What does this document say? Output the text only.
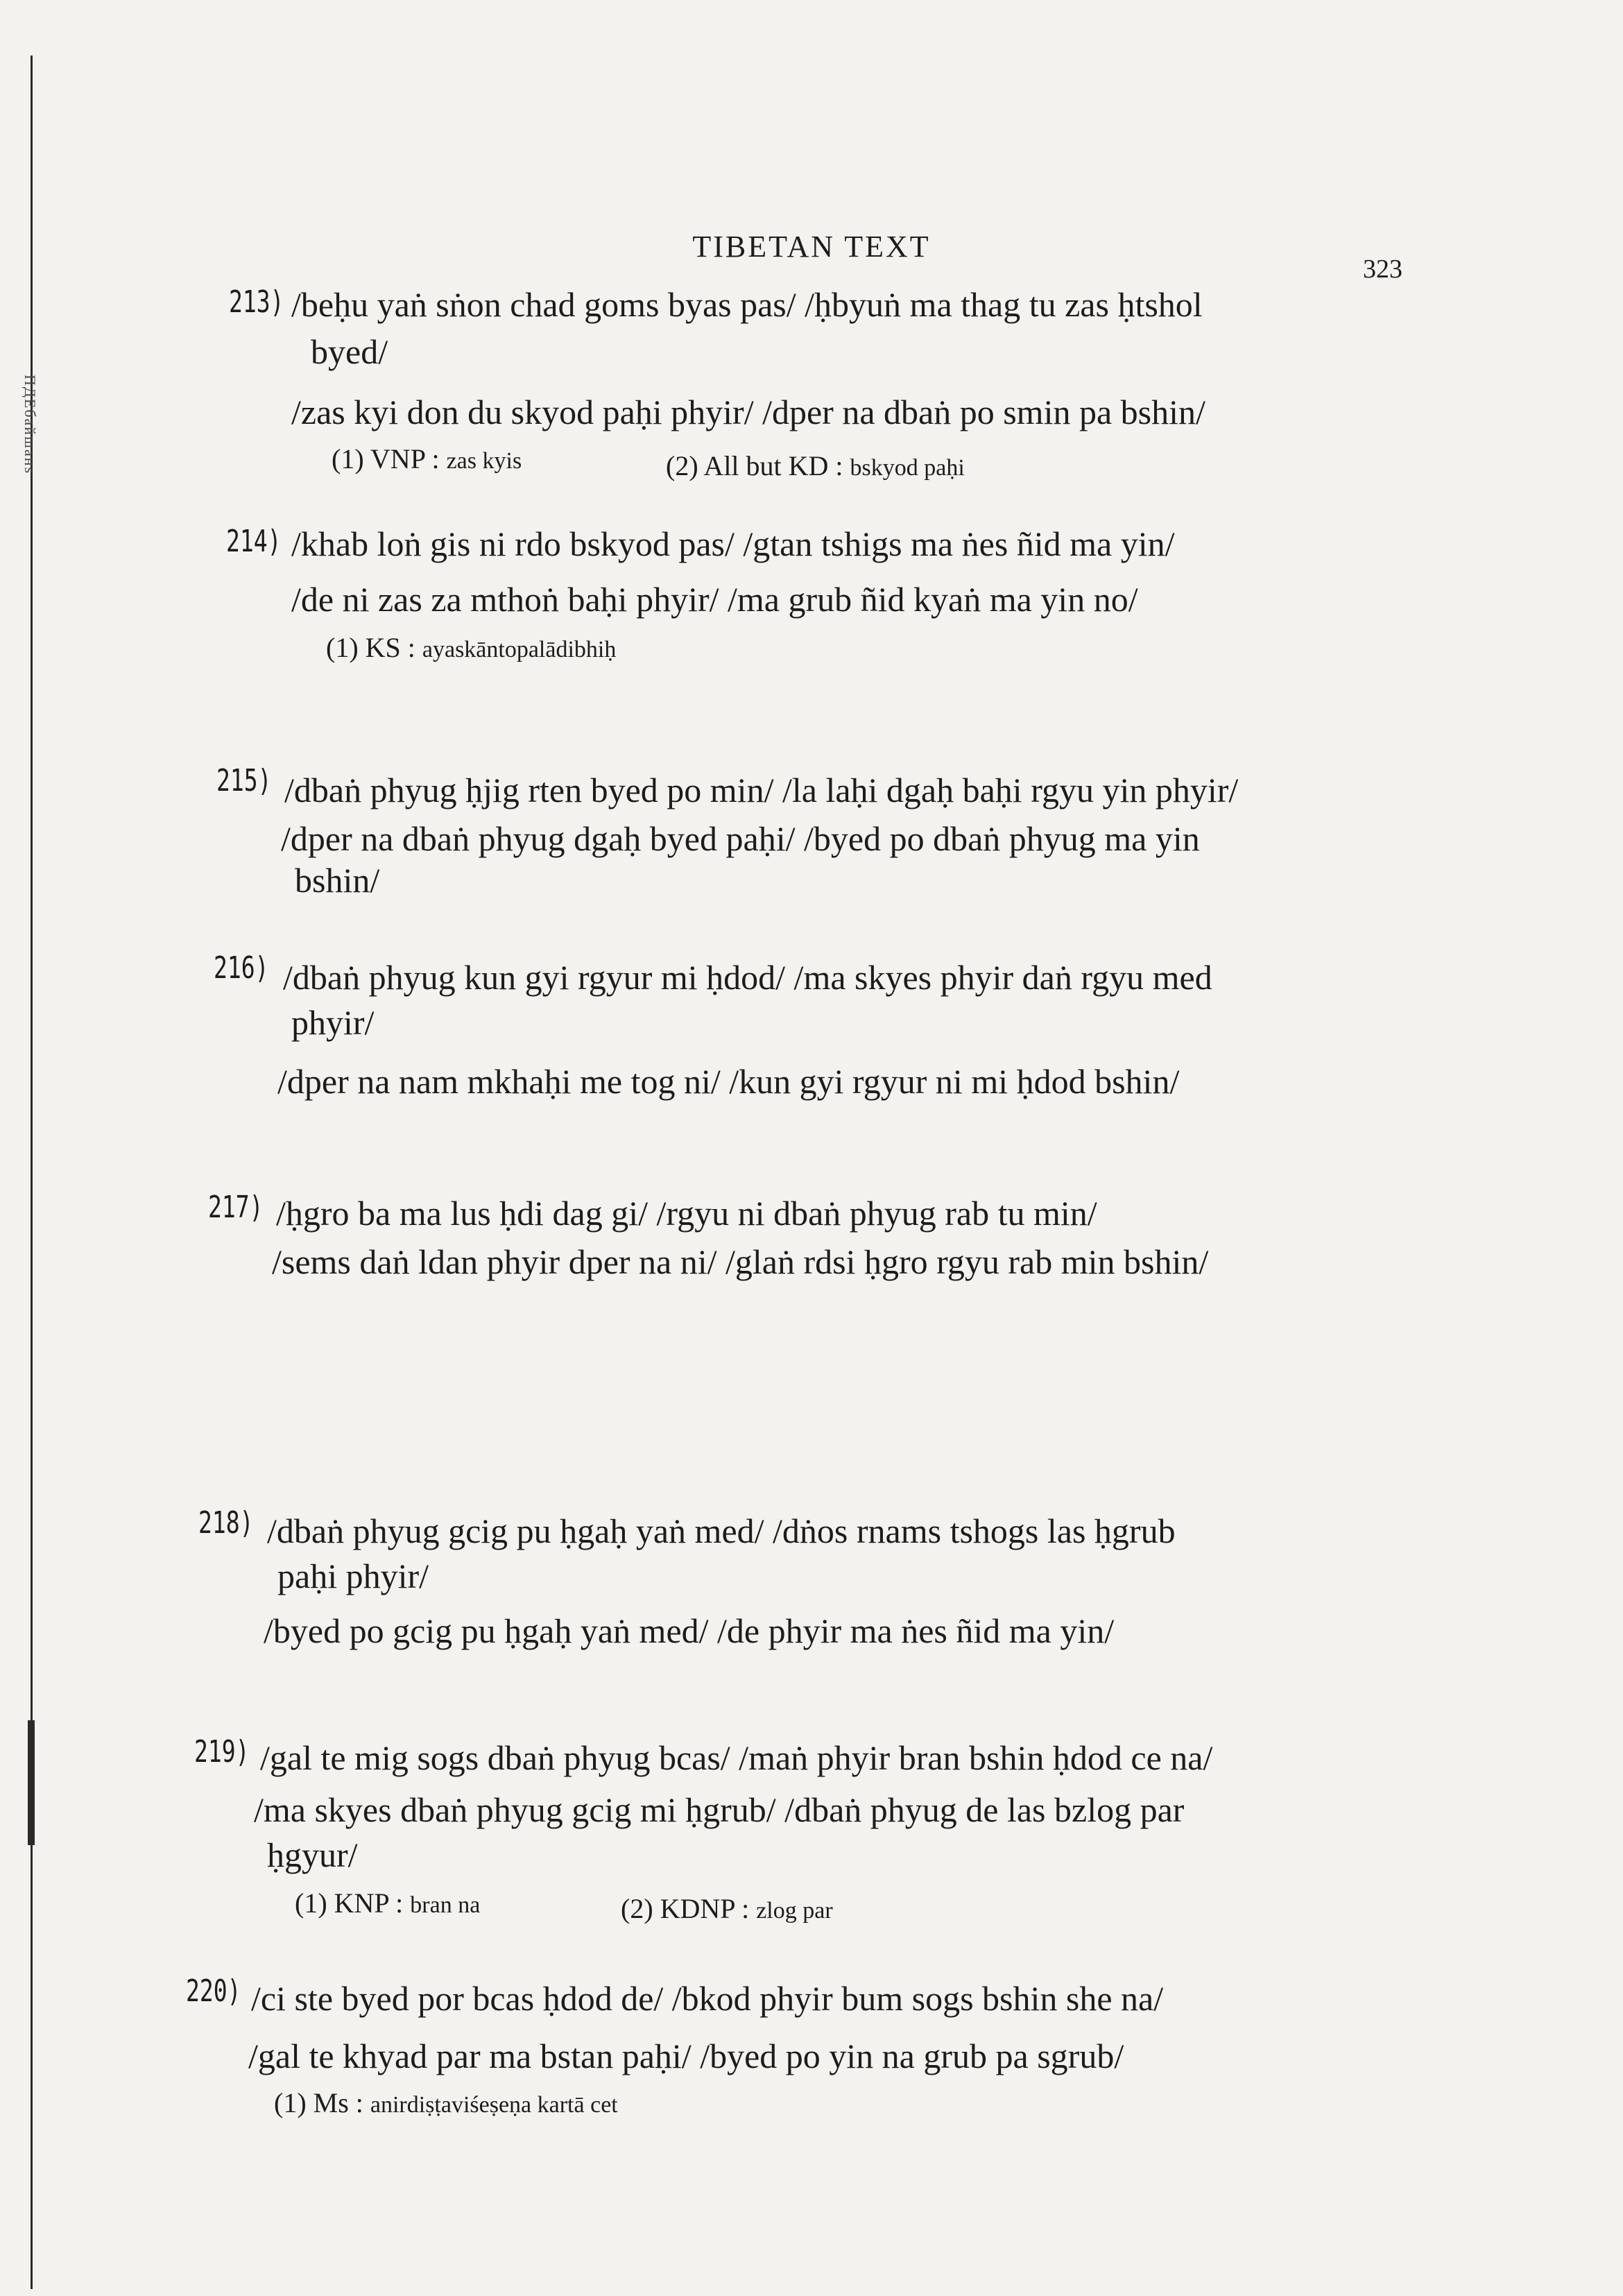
ПДЕбайшанs
TIBETAN TEXT
323
213) /beḥu yaṅ sṅon chad goms byas pas/ /ḥbyuṅ ma thag tu zas ḥtshol
byed/
/zas kyi don du skyod paḥi phyir/ /dper na dbaṅ po smin pa bshin/
(1) VNP : zas kyis	(2) All but KD : bskyod paḥi
214) /khab loṅ gis ni rdo bskyod pas/ /gtan tshigs ma ṅes ñid ma yin/
/de ni zas za mthoṅ baḥi phyir/ /ma grub ñid kyaṅ ma yin no/
(1) KS : ayaskāntopalādibhiḥ
215) /dbaṅ phyug ḥjig rten byed po min/ /la laḥi dgaḥ baḥi rgyu yin phyir/
/dper na dbaṅ phyug dgaḥ byed paḥi/ /byed po dbaṅ phyug ma yin
bshin/
216) /dbaṅ phyug kun gyi rgyur mi ḥdod/ /ma skyes phyir daṅ rgyu med
phyir/
/dper na nam mkhaḥi me tog ni/ /kun gyi rgyur ni mi ḥdod bshin/
217) /ḥgro ba ma lus ḥdi dag gi/ /rgyu ni dbaṅ phyug rab tu min/
/sems daṅ ldan phyir dper na ni/ /glaṅ rdsi ḥgro rgyu rab min bshin/
218) /dbaṅ phyug gcig pu ḥgaḥ yaṅ med/ /dṅos rnams tshogs las ḥgrub
paḥi phyir/
/byed po gcig pu ḥgaḥ yaṅ med/ /de phyir ma ṅes ñid ma yin/
219) /gal te mig sogs dbaṅ phyug bcas/ /maṅ phyir bran bshin ḥdod ce na/
/ma skyes dbaṅ phyug gcig mi ḥgrub/ /dbaṅ phyug de las bzlog par
ḥgyur/
(1) KNP : bran na	(2) KDNP : zlog par
220) /ci ste byed por bcas ḥdod de/ /bkod phyir bum sogs bshin she na/
/gal te khyad par ma bstan paḥi/ /byed po yin na grub pa sgrub/
(1) Ms : anirdiṣṭaviśeṣeṇa kartā cet
